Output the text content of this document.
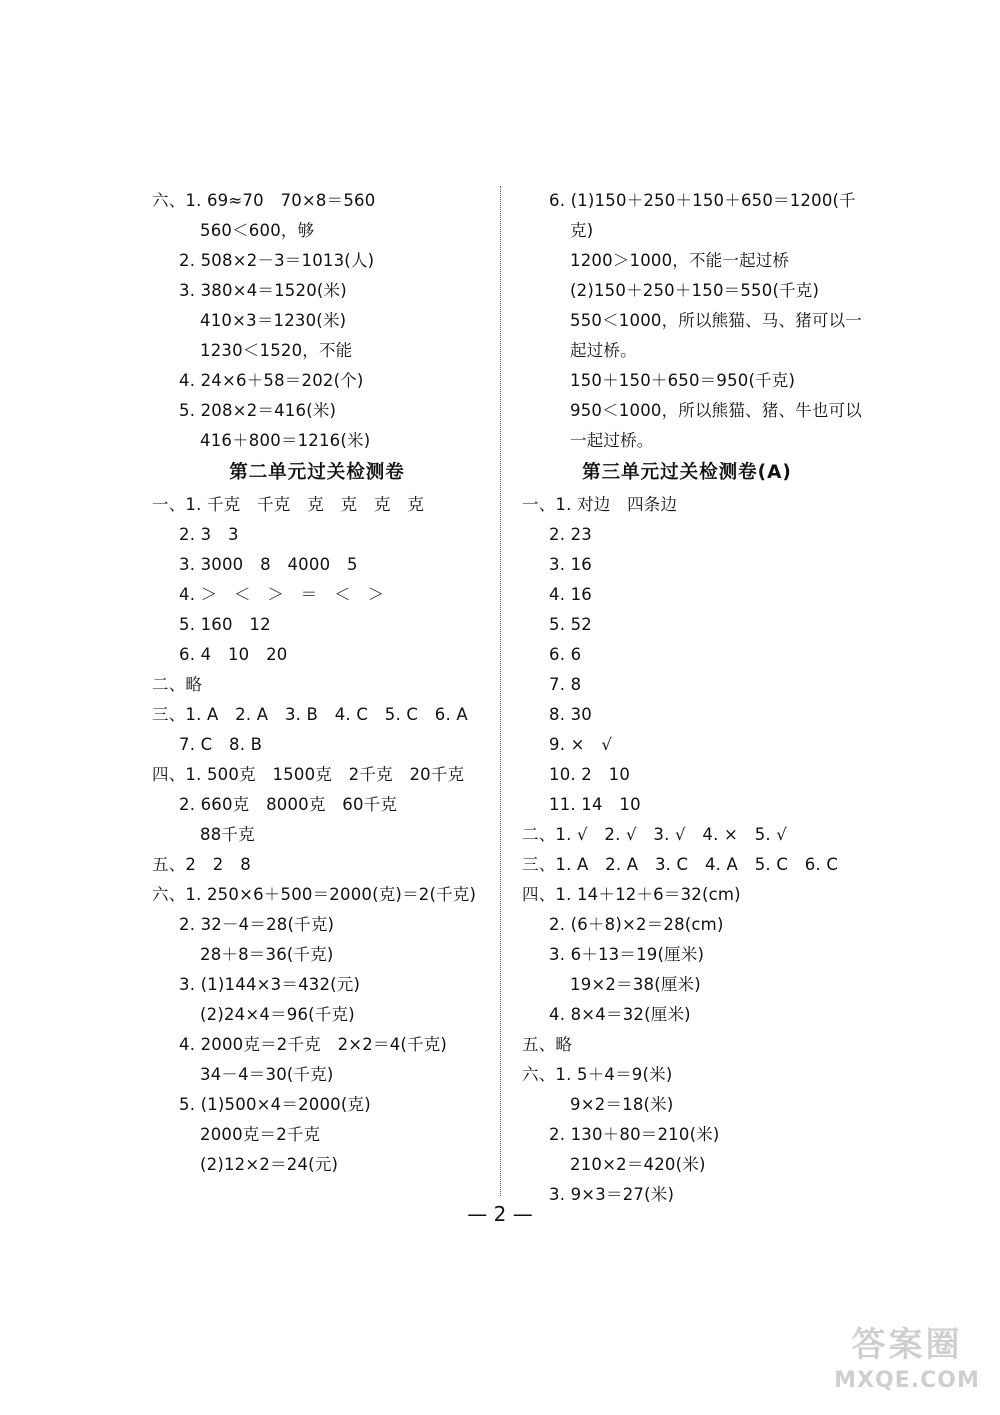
六、1. 69≈70　70×8＝560
560＜600，够
2. 508×2－3＝1013(人)
3. 380×4＝1520(米)
410×3＝1230(米)
1230＜1520，不能
4. 24×6＋58＝202(个)
5. 208×2＝416(米)
416＋800＝1216(米)
第二单元过关检测卷
一、1. 千克　千克　克　克　克　克
2. 3　3
3. 3000　8　4000　5
4. ＞　＜　＞　＝　＜　＞
5. 160　12
6. 4　10　20
二、略
三、1. A　2. A　3. B　4. C　5. C　6. A
7. C　8. B
四、1. 500克　1500克　2千克　20千克
2. 660克　8000克　60千克
88千克
五、2　2　8
六、1. 250×6＋500＝2000(克)＝2(千克)
2. 32－4＝28(千克)
28＋8＝36(千克)
3. (1)144×3＝432(元)
(2)24×4＝96(千克)
4. 2000克＝2千克　2×2＝4(千克)
34－4＝30(千克)
5. (1)500×4＝2000(克)
2000克＝2千克
(2)12×2＝24(元)
6. (1)150＋250＋150＋650＝1200(千
克)
1200＞1000，不能一起过桥
(2)150＋250＋150＝550(千克)
550＜1000，所以熊猫、马、猪可以一
起过桥。
150＋150＋650＝950(千克)
950＜1000，所以熊猫、猪、牛也可以
一起过桥。
第三单元过关检测卷(A)
一、1. 对边　四条边
2. 23
3. 16
4. 16
5. 52
6. 6
7. 8
8. 30
9. ×　√
10. 2　10
11. 14　10
二、1. √　2. √　3. √　4. ×　5. √
三、1. A　2. A　3. C　4. A　5. C　6. C
四、1. 14＋12＋6＝32(cm)
2. (6＋8)×2＝28(cm)
3. 6＋13＝19(厘米)
19×2＝38(厘米)
4. 8×4＝32(厘米)
五、略
六、1. 5＋4＝9(米)
9×2＝18(米)
2. 130＋80＝210(米)
210×2＝420(米)
3. 9×3＝27(米)
— 2 —
答案圈
MXQE.COM
